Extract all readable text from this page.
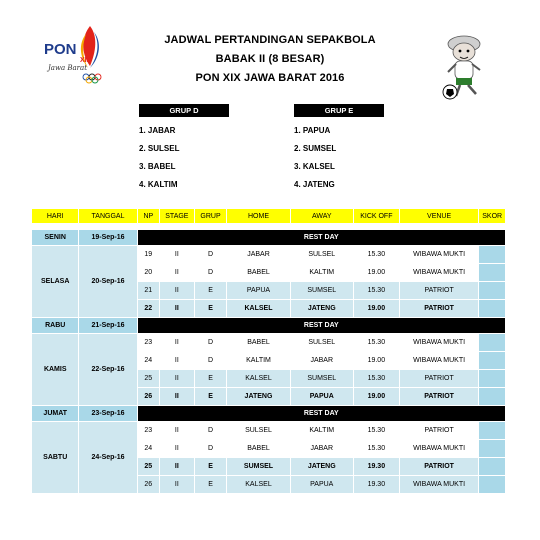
PON
XIX
Jawa Barat
JADWAL PERTANDINGAN SEPAKBOLA
BABAK II (8 BESAR)
PON XIX JAWA BARAT 2016
GRUP D
1. JABAR
2. SULSEL
3. BABEL
4. KALTIM
GRUP E
1. PAPUA
2. SUMSEL
3. KALSEL
4. JATENG
HARI	TANGGAL	NP	STAGE	GRUP	HOME	AWAY	KICK OFF	VENUE	SKOR

SENIN	19-Sep-16	REST DAY							
SELASA	20-Sep-16	19	II	D	JABAR	SULSEL	15.30	WIBAWA MUKTI	
		20	II	D	BABEL	KALTIM	19.00	WIBAWA MUKTI	
		21	II	E	PAPUA	SUMSEL	15.30	PATRIOT	
		22	II	E	KALSEL	JATENG	19.00	PATRIOT	
RABU	21-Sep-16	REST DAY							
KAMIS	22-Sep-16	23	II	D	BABEL	SULSEL	15.30	WIBAWA MUKTI	
		24	II	D	KALTIM	JABAR	19.00	WIBAWA MUKTI	
		25	II	E	KALSEL	SUMSEL	15.30	PATRIOT	
		26	II	E	JATENG	PAPUA	19.00	PATRIOT	
JUMAT	23-Sep-16	REST DAY							
SABTU	24-Sep-16	23	II	D	SULSEL	KALTIM	15.30	PATRIOT	
		24	II	D	BABEL	JABAR	15.30	WIBAWA MUKTI	
		25	II	E	SUMSEL	JATENG	19.30	PATRIOT	
		26	II	E	KALSEL	PAPUA	19.30	WIBAWA MUKTI	
